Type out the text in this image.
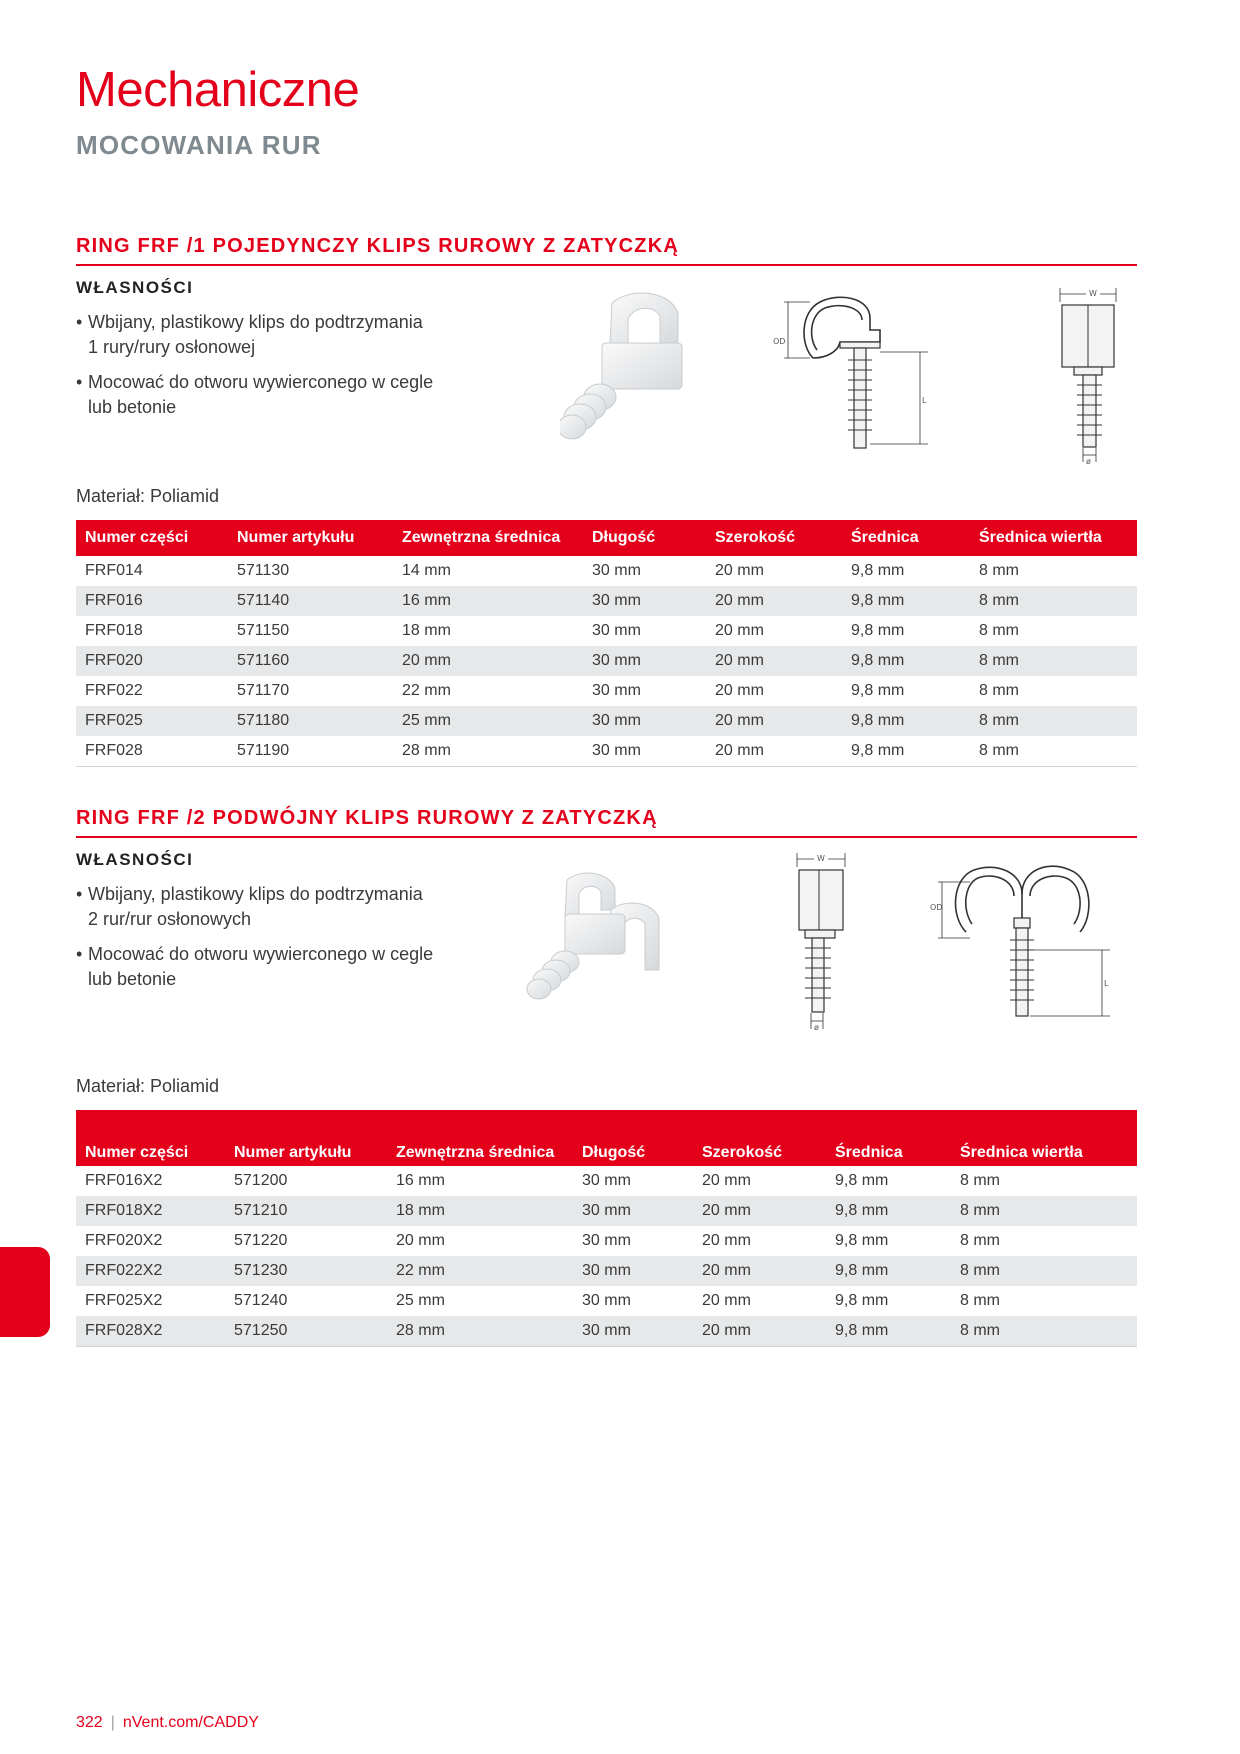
Mechaniczne
MOCOWANIA RUR
RING FRF /1 POJEDYNCZY KLIPS RUROWY Z ZATYCZKĄ
WŁASNOŚCI
• Wbijany, plastikowy klips do podtrzymania 1 rury/rury osłonowej
• Mocować do otworu wywierconego w cegle lub betonie
OD
L
W
ø
Materiał: Poliamid
Numer części	Numer artykułu	Zewnętrzna średnica	Długość	Szerokość	Średnica	Średnica wiertła
FRF014	571130	14 mm	30 mm	20 mm	9,8 mm	8 mm
FRF016	571140	16 mm	30 mm	20 mm	9,8 mm	8 mm
FRF018	571150	18 mm	30 mm	20 mm	9,8 mm	8 mm
FRF020	571160	20 mm	30 mm	20 mm	9,8 mm	8 mm
FRF022	571170	22 mm	30 mm	20 mm	9,8 mm	8 mm
FRF025	571180	25 mm	30 mm	20 mm	9,8 mm	8 mm
FRF028	571190	28 mm	30 mm	20 mm	9,8 mm	8 mm
RING FRF /2 PODWÓJNY KLIPS RUROWY Z ZATYCZKĄ
WŁASNOŚCI
• Wbijany, plastikowy klips do podtrzymania 2 rur/rur osłonowych
• Mocować do otworu wywierconego w cegle lub betonie
W
ø
OD
L
Materiał: Poliamid
Numer części	Numer artykułu	Zewnętrzna średnica	Długość	Szerokość	Średnica	Średnica wiertła
FRF016X2	571200	16 mm	30 mm	20 mm	9,8 mm	8 mm
FRF018X2	571210	18 mm	30 mm	20 mm	9,8 mm	8 mm
FRF020X2	571220	20 mm	30 mm	20 mm	9,8 mm	8 mm
FRF022X2	571230	22 mm	30 mm	20 mm	9,8 mm	8 mm
FRF025X2	571240	25 mm	30 mm	20 mm	9,8 mm	8 mm
FRF028X2	571250	28 mm	30 mm	20 mm	9,8 mm	8 mm
322 | nVent.com/CADDY
